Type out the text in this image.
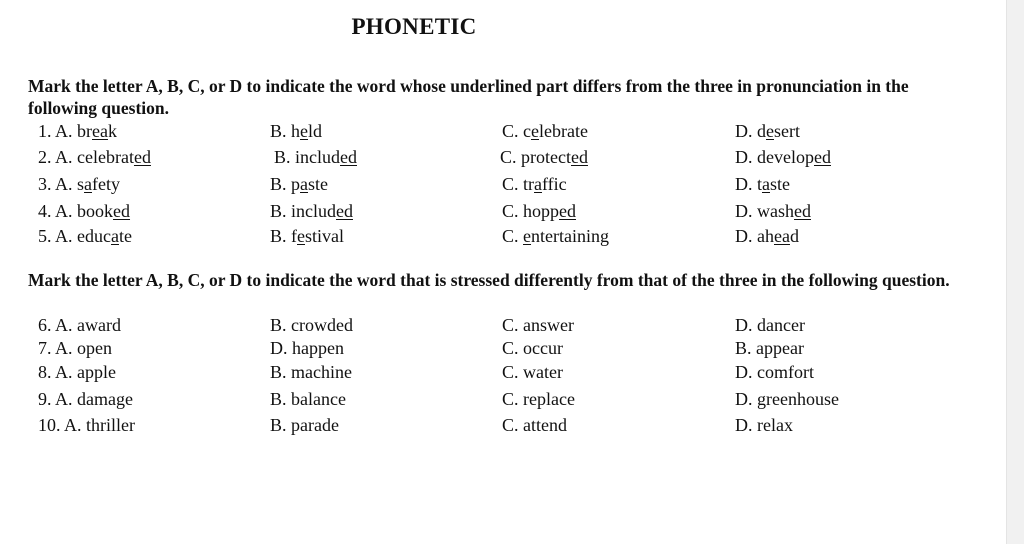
PHONETIC
Mark the letter A, B, C, or D to indicate the word whose underlined part differs from the three in pronunciation in the following question.
1. A. break	B. held	C. celebrate	D. desert
2. A. celebrated	B. included	C. protected	D. developed
3. A. safety	B. paste	C. traffic	D. taste
4. A. booked	B. included	C. hopped	D. washed
5. A. educate	B. festival	C. entertaining	D. ahead
Mark the letter A, B, C, or D to indicate the word that is stressed differently from that of the three in the following question.
6. A. award	B. crowded	C. answer	D. dancer
7. A. open	D. happen	C. occur	B. appear
8. A. apple	B. machine	C. water	D. comfort
9. A. damage	B. balance	C. replace	D. greenhouse
10. A. thriller	B. parade	C. attend	D. relax
